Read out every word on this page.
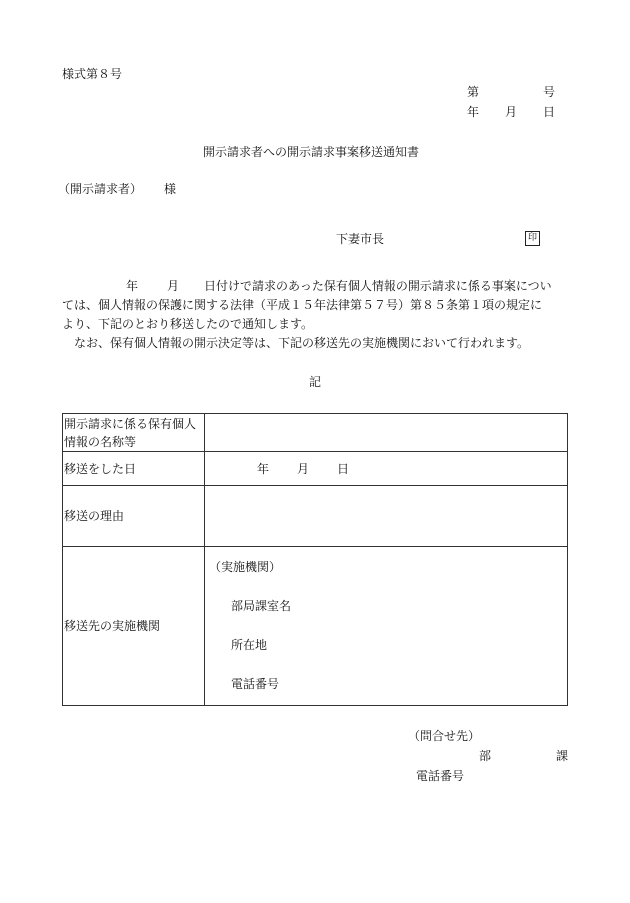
様式第８号
第	号
年 月 日
開示請求者への開示請求事案移送通知書
（開示請求者） 様
下妻市長	印
年 月 日付けで請求のあった保有個人情報の開示請求に係る事案につい
ては、個人情報の保護に関する法律（平成１５年法律第５７号）第８５条第１項の規定に
より、下記のとおり移送したので通知します。
なお、保有個人情報の開示決定等は、下記の移送先の実施機関において行われます。
記
開示請求に係る保有個人
情報の名称等	

移送をした日	年 月 日
移送の理由	
移送先の実施機関	（実施機関）
部局課室名
所在地
電話番号
（問合せ先）
部	課
電話番号
